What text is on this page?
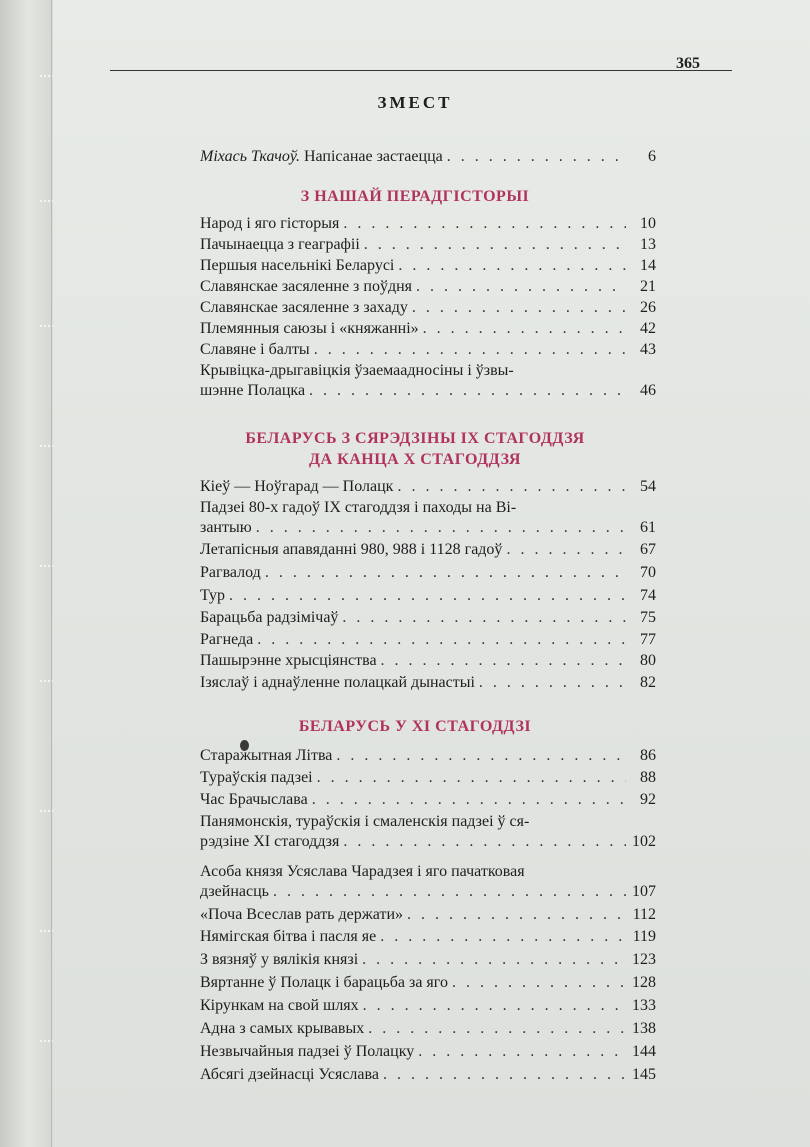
365
ЗМЕСТ
Міхась Ткачоў. Напісанае застаецца . . .	6
З НАШАЙ ПЕРАДГІСТОРЫІ
Народ і яго гісторыя . . .	10
Пачынаецца з геаграфіі . . .	13
Першыя насельнікі Беларусі . . .	14
Славянскае засяленне з поўдня . . .	21
Славянскае засяленне з захаду . . .	26
Племянныя саюзы і «княжанні» . . .	42
Славяне і балты . . .	43
Крывіцка-дрыгавіцкія ўзаемаадносіны і ўзвы-
шэнне Полацка . . .	46
БЕЛАРУСЬ З СЯРЭДЗІНЫ IX СТАГОДДЗЯ
ДА КАНЦА X СТАГОДДЗЯ
Кіеў — Ноўгарад — Полацк . . .	54
Падзеі 80-х гадоў IX стагоддзя і паходы на Ві-
зантыю . . .	61
Летапісныя апавяданні 980, 988 і 1128 гадоў . . .	67
Рагвалод . . .	70
Тур . . .	74
Барацьба радзімічаў . . .	75
Рагнеда . . .	77
Пашырэнне хрысціянства . . .	80
Ізяслаў і аднаўленне полацкай дынастыі . . .	82
БЕЛАРУСЬ У XI СТАГОДДЗІ
Старажытная Літва . . .	86
Тураўскія падзеі . . .	88
Час Брачыслава . . .	92
Панямонскія, тураўскія і смаленскія падзеі ў ся-
рэдзіне XI стагоддзя . . .	102
Асоба князя Усяслава Чарадзея і яго пачатковая
дзейнасць . . .	107
«Поча Всеслав рать держати» . . .	112
Нямігская бітва і пасля яе . . .	119
З вязняў у вялікія князі . . .	123
Вяртанне ў Полацк і барацьба за яго . . .	128
Кірункам на свой шлях . . .	133
Адна з самых крывавых . . .	138
Незвычайныя падзеі ў Полацку . . .	144
Абсягі дзейнасці Усяслава . . .	145
